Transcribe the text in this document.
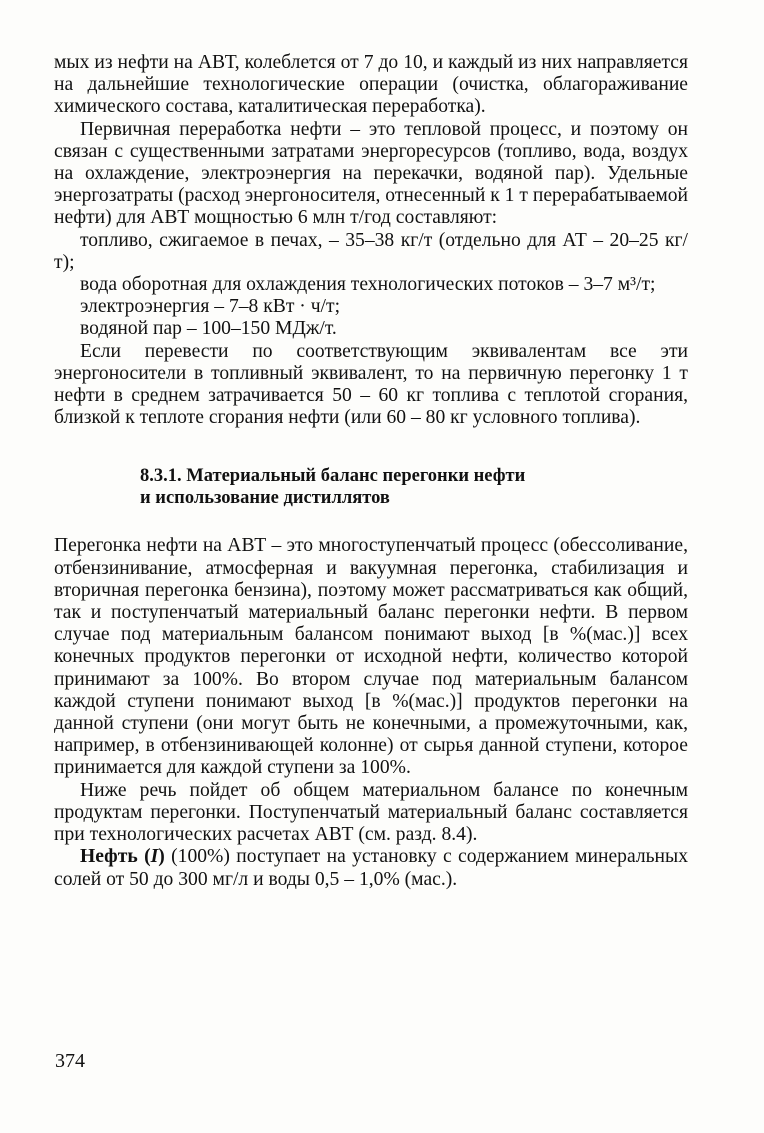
мых из нефти на АВТ, колеблется от 7 до 10, и каждый из них направляется на дальнейшие технологические операции (очистка, облагораживание химического состава, каталитическая переработка).

Первичная переработка нефти – это тепловой процесс, и поэтому он связан с существенными затратами энергоресурсов (топливо, вода, воздух на охлаждение, электроэнергия на перекачки, водяной пар). Удельные энергозатраты (расход энергоносителя, отнесенный к 1 т перерабатываемой нефти) для АВТ мощностью 6 млн т/год составляют:

топливо, сжигаемое в печах, – 35–38 кг/т (отдельно для АТ – 20–25 кг/т);

вода оборотная для охлаждения технологических потоков – 3–7 м³/т;

электроэнергия – 7–8 кВт · ч/т;

водяной пар – 100–150 МДж/т.

Если перевести по соответствующим эквивалентам все эти энергоносители в топливный эквивалент, то на первичную перегонку 1 т нефти в среднем затрачивается 50 – 60 кг топлива с теплотой сгорания, близкой к теплоте сгорания нефти (или 60 – 80 кг условного топлива).

8.3.1. Материальный баланс перегонки нефти
и использование дистиллятов

Перегонка нефти на АВТ – это многоступенчатый процесс (обессоливание, отбензинивание, атмосферная и вакуумная перегонка, стабилизация и вторичная перегонка бензина), поэтому может рассматриваться как общий, так и поступенчатый материальный баланс перегонки нефти. В первом случае под материальным балансом понимают выход [в %(мас.)] всех конечных продуктов перегонки от исходной нефти, количество которой принимают за 100%. Во втором случае под материальным балансом каждой ступени понимают выход [в %(мас.)] продуктов перегонки на данной ступени (они могут быть не конечными, а промежуточными, как, например, в отбензинивающей колонне) от сырья данной ступени, которое принимается для каждой ступени за 100%.

Ниже речь пойдет об общем материальном балансе по конечным продуктам перегонки. Поступенчатый материальный баланс составляется при технологических расчетах АВТ (см. разд. 8.4).

Нефть (I) (100%) поступает на установку с содержанием минеральных солей от 50 до 300 мг/л и воды 0,5 – 1,0% (мас.).

374
